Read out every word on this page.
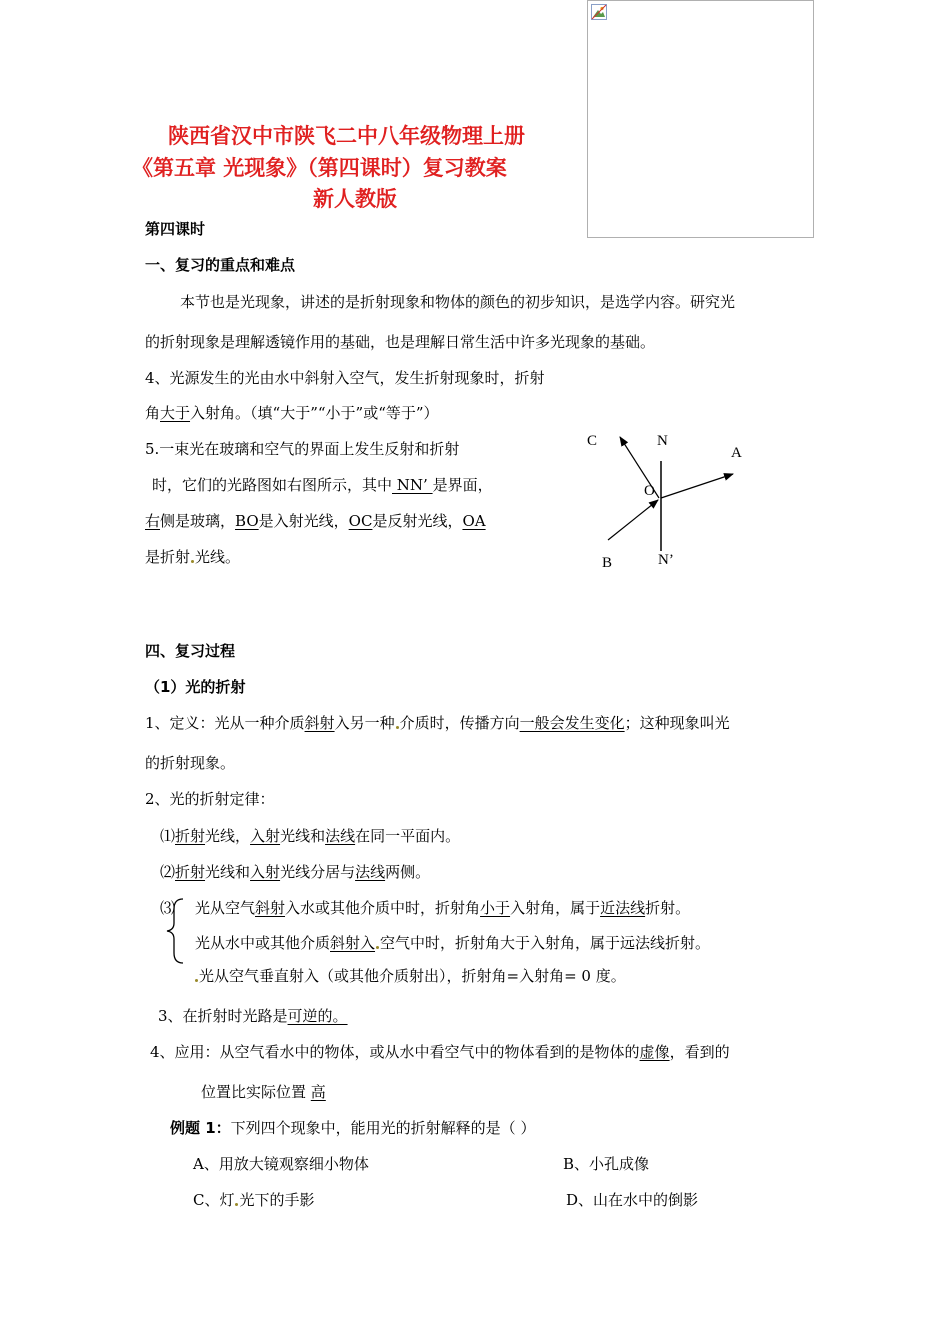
陕西省汉中市陕飞二中八年级物理上册
《第五章 光现象》（第四课时）复习教案
新人教版
第四课时
一、复习的重点和难点
本节也是光现象，讲述的是折射现象和物体的颜色的初步知识，是选学内容。研究光
的折射现象是理解透镜作用的基础，也是理解日常生活中许多光现象的基础。
4、光源发生的光由水中斜射入空气，发生折射现象时，折射
角大于入射角。（填“大于”“小于”或“等于”）
5.一束光在玻璃和空气的界面上发生反射和折射
时，它们的光路图如右图所示，其中 NN’ 是界面，
右侧是玻璃，BO是入射光线，OC是反射光线，OA
是折射 光线。
C	N
A
O
B	N’
四、复习过程
（1）光的折射
1、定义：光从一种介质斜射入另一种 介质时，传播方向一般会发生变化；这种现象叫光
的折射现象。
2、光的折射定律：
⑴折射光线，入射光线和法线在同一平面内。
⑵折射光线和入射光线分居与法线两侧。
⑶ 光从空气斜射入水或其他介质中时，折射角小于入射角，属于近法线折射。
光从水中或其他介质斜射入 空气中时，折射角大于入射角，属于远法线折射。
光从空气垂直射入（或其他介质射出），折射角=入射角= 0 度。
3、在折射时光路是可逆的。
4、应用：从空气看水中的物体，或从水中看空气中的物体看到的是物体的虚像，看到的
位置比实际位置 高
例题 1：下列四个现象中，能用光的折射解释的是（ ）
A、用放大镜观察细小物体	B、小孔成像
C、灯 光下的手影	D、山在水中的倒影
